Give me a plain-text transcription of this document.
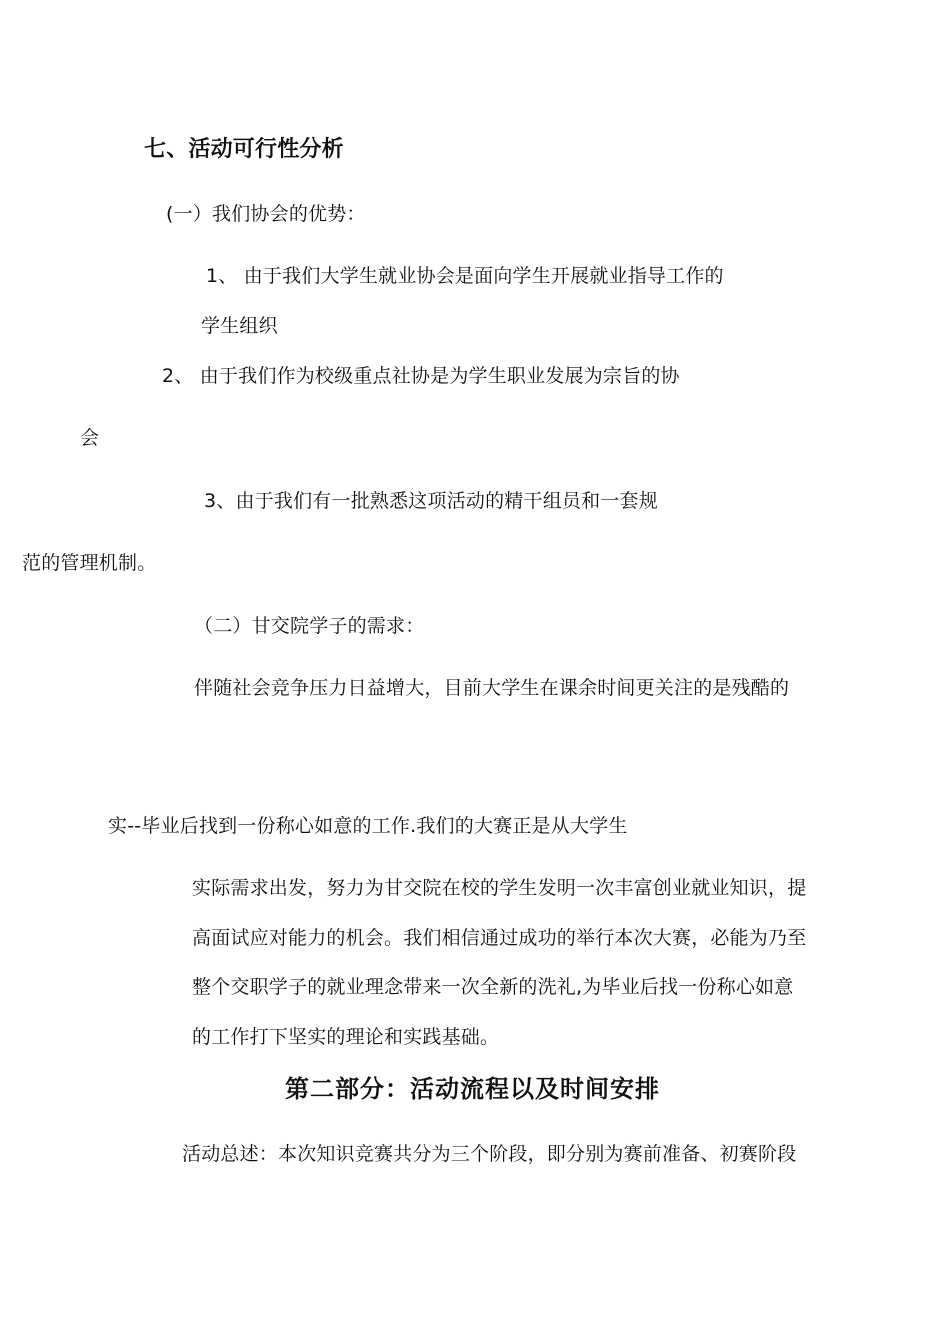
七、活动可行性分析
(一）我们协会的优势：
1、 由于我们大学生就业协会是面向学生开展就业指导工作的
学生组织
2、 由于我们作为校级重点社协是为学生职业发展为宗旨的协
会
3、由于我们有一批熟悉这项活动的精干组员和一套规
范的管理机制。
（二）甘交院学子的需求：
伴随社会竞争压力日益增大，目前大学生在课余时间更关注的是残酷的
实--毕业后找到一份称心如意的工作.我们的大赛正是从大学生
实际需求出发，努力为甘交院在校的学生发明一次丰富创业就业知识，提
高面试应对能力的机会。我们相信通过成功的举行本次大赛，必能为乃至
整个交职学子的就业理念带来一次全新的洗礼,为毕业后找一份称心如意
的工作打下坚实的理论和实践基础。
第二部分：活动流程以及时间安排
活动总述：本次知识竞赛共分为三个阶段，即分别为赛前准备、初赛阶段
